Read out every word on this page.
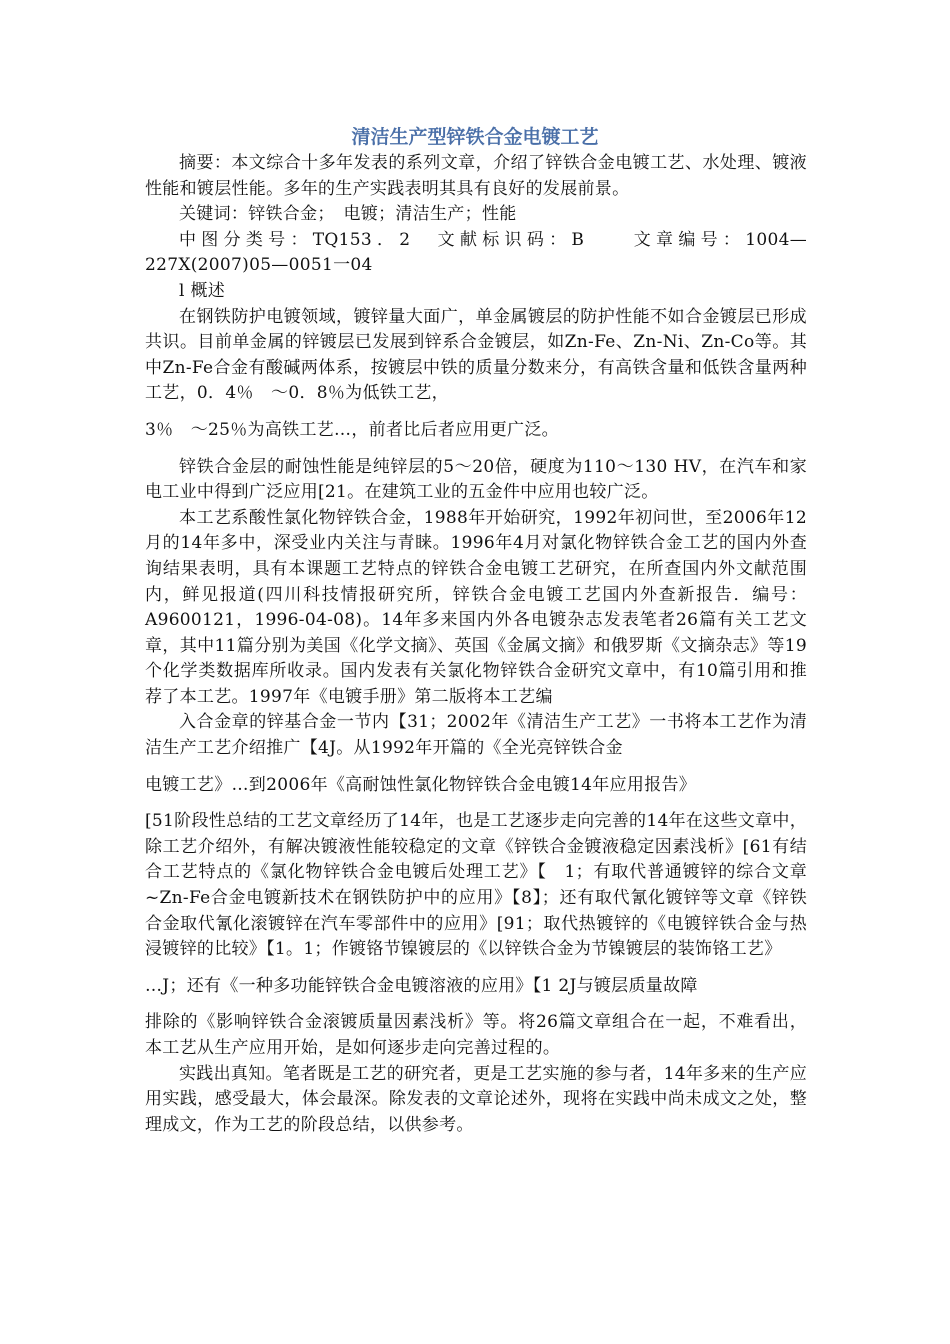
清洁生产型锌铁合金电镀工艺

摘要：本文综合十多年发表的系列文章，介绍了锌铁合金电镀工艺、水处理、镀液性能和镀层性能。多年的生产实践表明其具有良好的发展前景。

关键词：锌铁合金；　电镀；清洁生产；性能

中图分类号：TQ153．2　文献标识码：B　　文章编号：1004—227X(2007)05—0051一04

l 概述

在钢铁防护电镀领域，镀锌量大面广，单金属镀层的防护性能不如合金镀层已形成共识。目前单金属的锌镀层已发展到锌系合金镀层，如Zn-Fe、Zn-Ni、Zn-Co等。其中Zn-Fe合金有酸碱两体系，按镀层中铁的质量分数来分，有高铁含量和低铁含量两种工艺，0．4％　～0．8％为低铁工艺，

3％　～25％为高铁工艺…，前者比后者应用更广泛。

锌铁合金层的耐蚀性能是纯锌层的5～20倍，硬度为110～130 HV，在汽车和家电工业中得到广泛应用[21。在建筑工业的五金件中应用也较广泛。

本工艺系酸性氯化物锌铁合金，1988年开始研究，1992年初问世，至2006年12月的14年多中，深受业内关注与青睐。1996年4月对氯化物锌铁合金工艺的国内外查询结果表明，具有本课题工艺特点的锌铁合金电镀工艺研究，在所查国内外文献范围内，鲜见报道(四川科技情报研究所，锌铁合金电镀工艺国内外查新报告．编号：A9600121，1996-04-08)。14年多来国内外各电镀杂志发表笔者26篇有关工艺文章，其中11篇分别为美国《化学文摘》、英国《金属文摘》和俄罗斯《文摘杂志》等19个化学类数据库所收录。国内发表有关氯化物锌铁合金研究文章中，有10篇引用和推荐了本工艺。1997年《电镀手册》第二版将本工艺编

入合金章的锌基合金一节内【31；2002年《清洁生产工艺》一书将本工艺作为清洁生产工艺介绍推广【4J。从1992年开篇的《全光亮锌铁合金

电镀工艺》…到2006年《高耐蚀性氯化物锌铁合金电镀14年应用报告》

[51阶段性总结的工艺文章经历了14年，也是工艺逐步走向完善的14年在这些文章中，除工艺介绍外，有解决镀液性能较稳定的文章《锌铁合金镀液稳定因素浅析》[61有结合工艺特点的《氯化物锌铁合金电镀后处理工艺》【　1；有取代普通镀锌的综合文章~Zn-Fe合金电镀新技术在钢铁防护中的应用》【8】；还有取代氰化镀锌等文章《锌铁合金取代氰化滚镀锌在汽车零部件中的应用》[91；取代热镀锌的《电镀锌铁合金与热浸镀锌的比较》【1。1；作镀铬节镍镀层的《以锌铁合金为节镍镀层的装饰铬工艺》

…J；还有《一种多功能锌铁合金电镀溶液的应用》【1 2J与镀层质量故障

排除的《影响锌铁合金滚镀质量因素浅析》等。将26篇文章组合在一起，不难看出，本工艺从生产应用开始，是如何逐步走向完善过程的。

实践出真知。笔者既是工艺的研究者，更是工艺实施的参与者，14年多来的生产应用实践，感受最大，体会最深。除发表的文章论述外，现将在实践中尚未成文之处，整理成文，作为工艺的阶段总结，以供参考。
